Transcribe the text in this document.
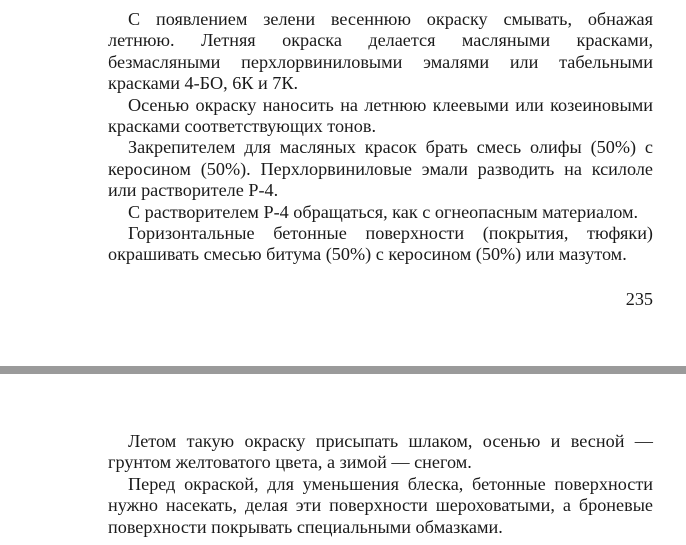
С появлением зелени весеннюю окраску смывать, обнажая летнюю. Летняя окраска делается масляными красками, безмасляными перхлорвиниловыми эмалями или табельными красками 4-БО, 6К и 7К.

Осенью окраску наносить на летнюю клеевыми или козеиновыми красками соответствующих тонов.

Закрепителем для масляных красок брать смесь олифы (50%) с керосином (50%). Перхлорвиниловые эмали разводить на ксилоле или растворителе Р-4.

С растворителем Р-4 обращаться, как с огнеопасным материалом.

Горизонтальные бетонные поверхности (покрытия, тюфяки) окрашивать смесью битума (50%) с керосином (50%) или мазутом.

235

Летом такую окраску присыпать шлаком, осенью и весной — грунтом желтоватого цвета, а зимой — снегом.

Перед окраской, для уменьшения блеска, бетонные поверхности нужно насекать, делая эти поверхности шероховатыми, а броневые поверхности покрывать специальными обмазками.
